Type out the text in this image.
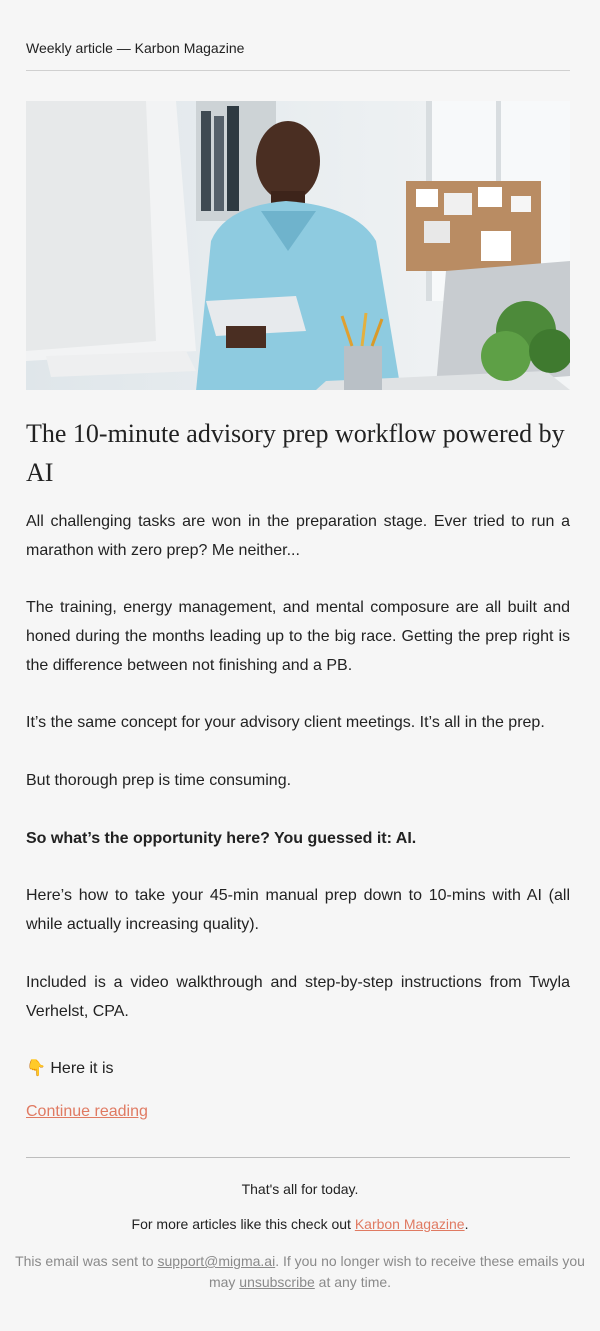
Weekly article — Karbon Magazine
The 10-minute advisory prep workflow powered by AI

All challenging tasks are won in the preparation stage. Ever tried to run a marathon with zero prep? Me neither...

The training, energy management, and mental composure are all built and honed during the months leading up to the big race. Getting the prep right is the difference between not finishing and a PB.

It’s the same concept for your advisory client meetings. It’s all in the prep.

But thorough prep is time consuming.

So what’s the opportunity here? You guessed it: AI.

Here’s how to take your 45-min manual prep down to 10-mins with AI (all while actually increasing quality).

Included is a video walkthrough and step-by-step instructions from Twyla Verhelst, CPA.

👇 Here it is

Continue reading
That's all for today.
For more articles like this check out Karbon Magazine.
This email was sent to support@migma.ai. If you no longer wish to receive these emails you may unsubscribe at any time.
